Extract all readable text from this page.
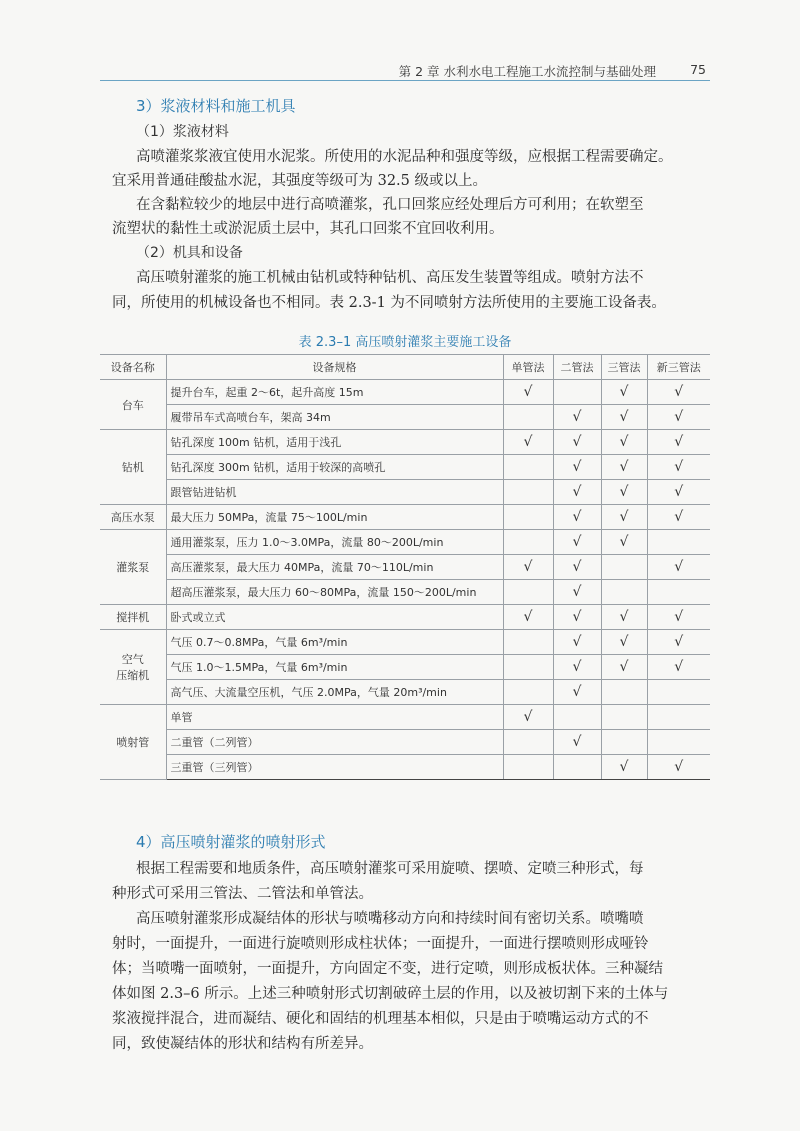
第 2 章 水利水电工程施工水流控制与基础处理	75
3）浆液材料和施工机具
（1）浆液材料
高喷灌浆浆液宜使用水泥浆。所使用的水泥品种和强度等级，应根据工程需要确定。
宜采用普通硅酸盐水泥，其强度等级可为 32.5 级或以上。
在含黏粒较少的地层中进行高喷灌浆，孔口回浆应经处理后方可利用；在软塑至
流塑状的黏性土或淤泥质土层中，其孔口回浆不宜回收利用。
（2）机具和设备
高压喷射灌浆的施工机械由钻机或特种钻机、高压发生装置等组成。喷射方法不
同，所使用的机械设备也不相同。表 2.3-1 为不同喷射方法所使用的主要施工设备表。
表 2.3–1 高压喷射灌浆主要施工设备
设备名称	设备规格	单管法	二管法	三管法	新三管法
台车	提升台车，起重 2～6t，起升高度 15m	√		√	√
	履带吊车式高喷台车，架高 34m		√	√	√
钻机	钻孔深度 100m 钻机，适用于浅孔	√	√	√	√
	钻孔深度 300m 钻机，适用于较深的高喷孔		√	√	√
	跟管钻进钻机		√	√	√
高压水泵	最大压力 50MPa，流量 75～100L/min		√	√	√
灌浆泵	通用灌浆泵，压力 1.0～3.0MPa，流量 80～200L/min		√	√	
	高压灌浆泵，最大压力 40MPa，流量 70～110L/min	√	√		√
	超高压灌浆泵，最大压力 60～80MPa，流量 150～200L/min		√		
搅拌机	卧式或立式	√	√	√	√

空气
压缩机	气压 0.7～0.8MPa，气量 6m³/min		√	√	√
	气压 1.0～1.5MPa，气量 6m³/min		√	√	√
	高气压、大流量空压机，气压 2.0MPa，气量 20m³/min		√		
喷射管	单管	√			
	二重管（二列管）		√		
	三重管（三列管）			√	√
4）高压喷射灌浆的喷射形式
根据工程需要和地质条件，高压喷射灌浆可采用旋喷、摆喷、定喷三种形式，每
种形式可采用三管法、二管法和单管法。
高压喷射灌浆形成凝结体的形状与喷嘴移动方向和持续时间有密切关系。喷嘴喷
射时，一面提升，一面进行旋喷则形成柱状体；一面提升，一面进行摆喷则形成哑铃
体；当喷嘴一面喷射，一面提升，方向固定不变，进行定喷，则形成板状体。三种凝结
体如图 2.3–6 所示。上述三种喷射形式切割破碎土层的作用，以及被切割下来的土体与
浆液搅拌混合，进而凝结、硬化和固结的机理基本相似，只是由于喷嘴运动方式的不
同，致使凝结体的形状和结构有所差异。
